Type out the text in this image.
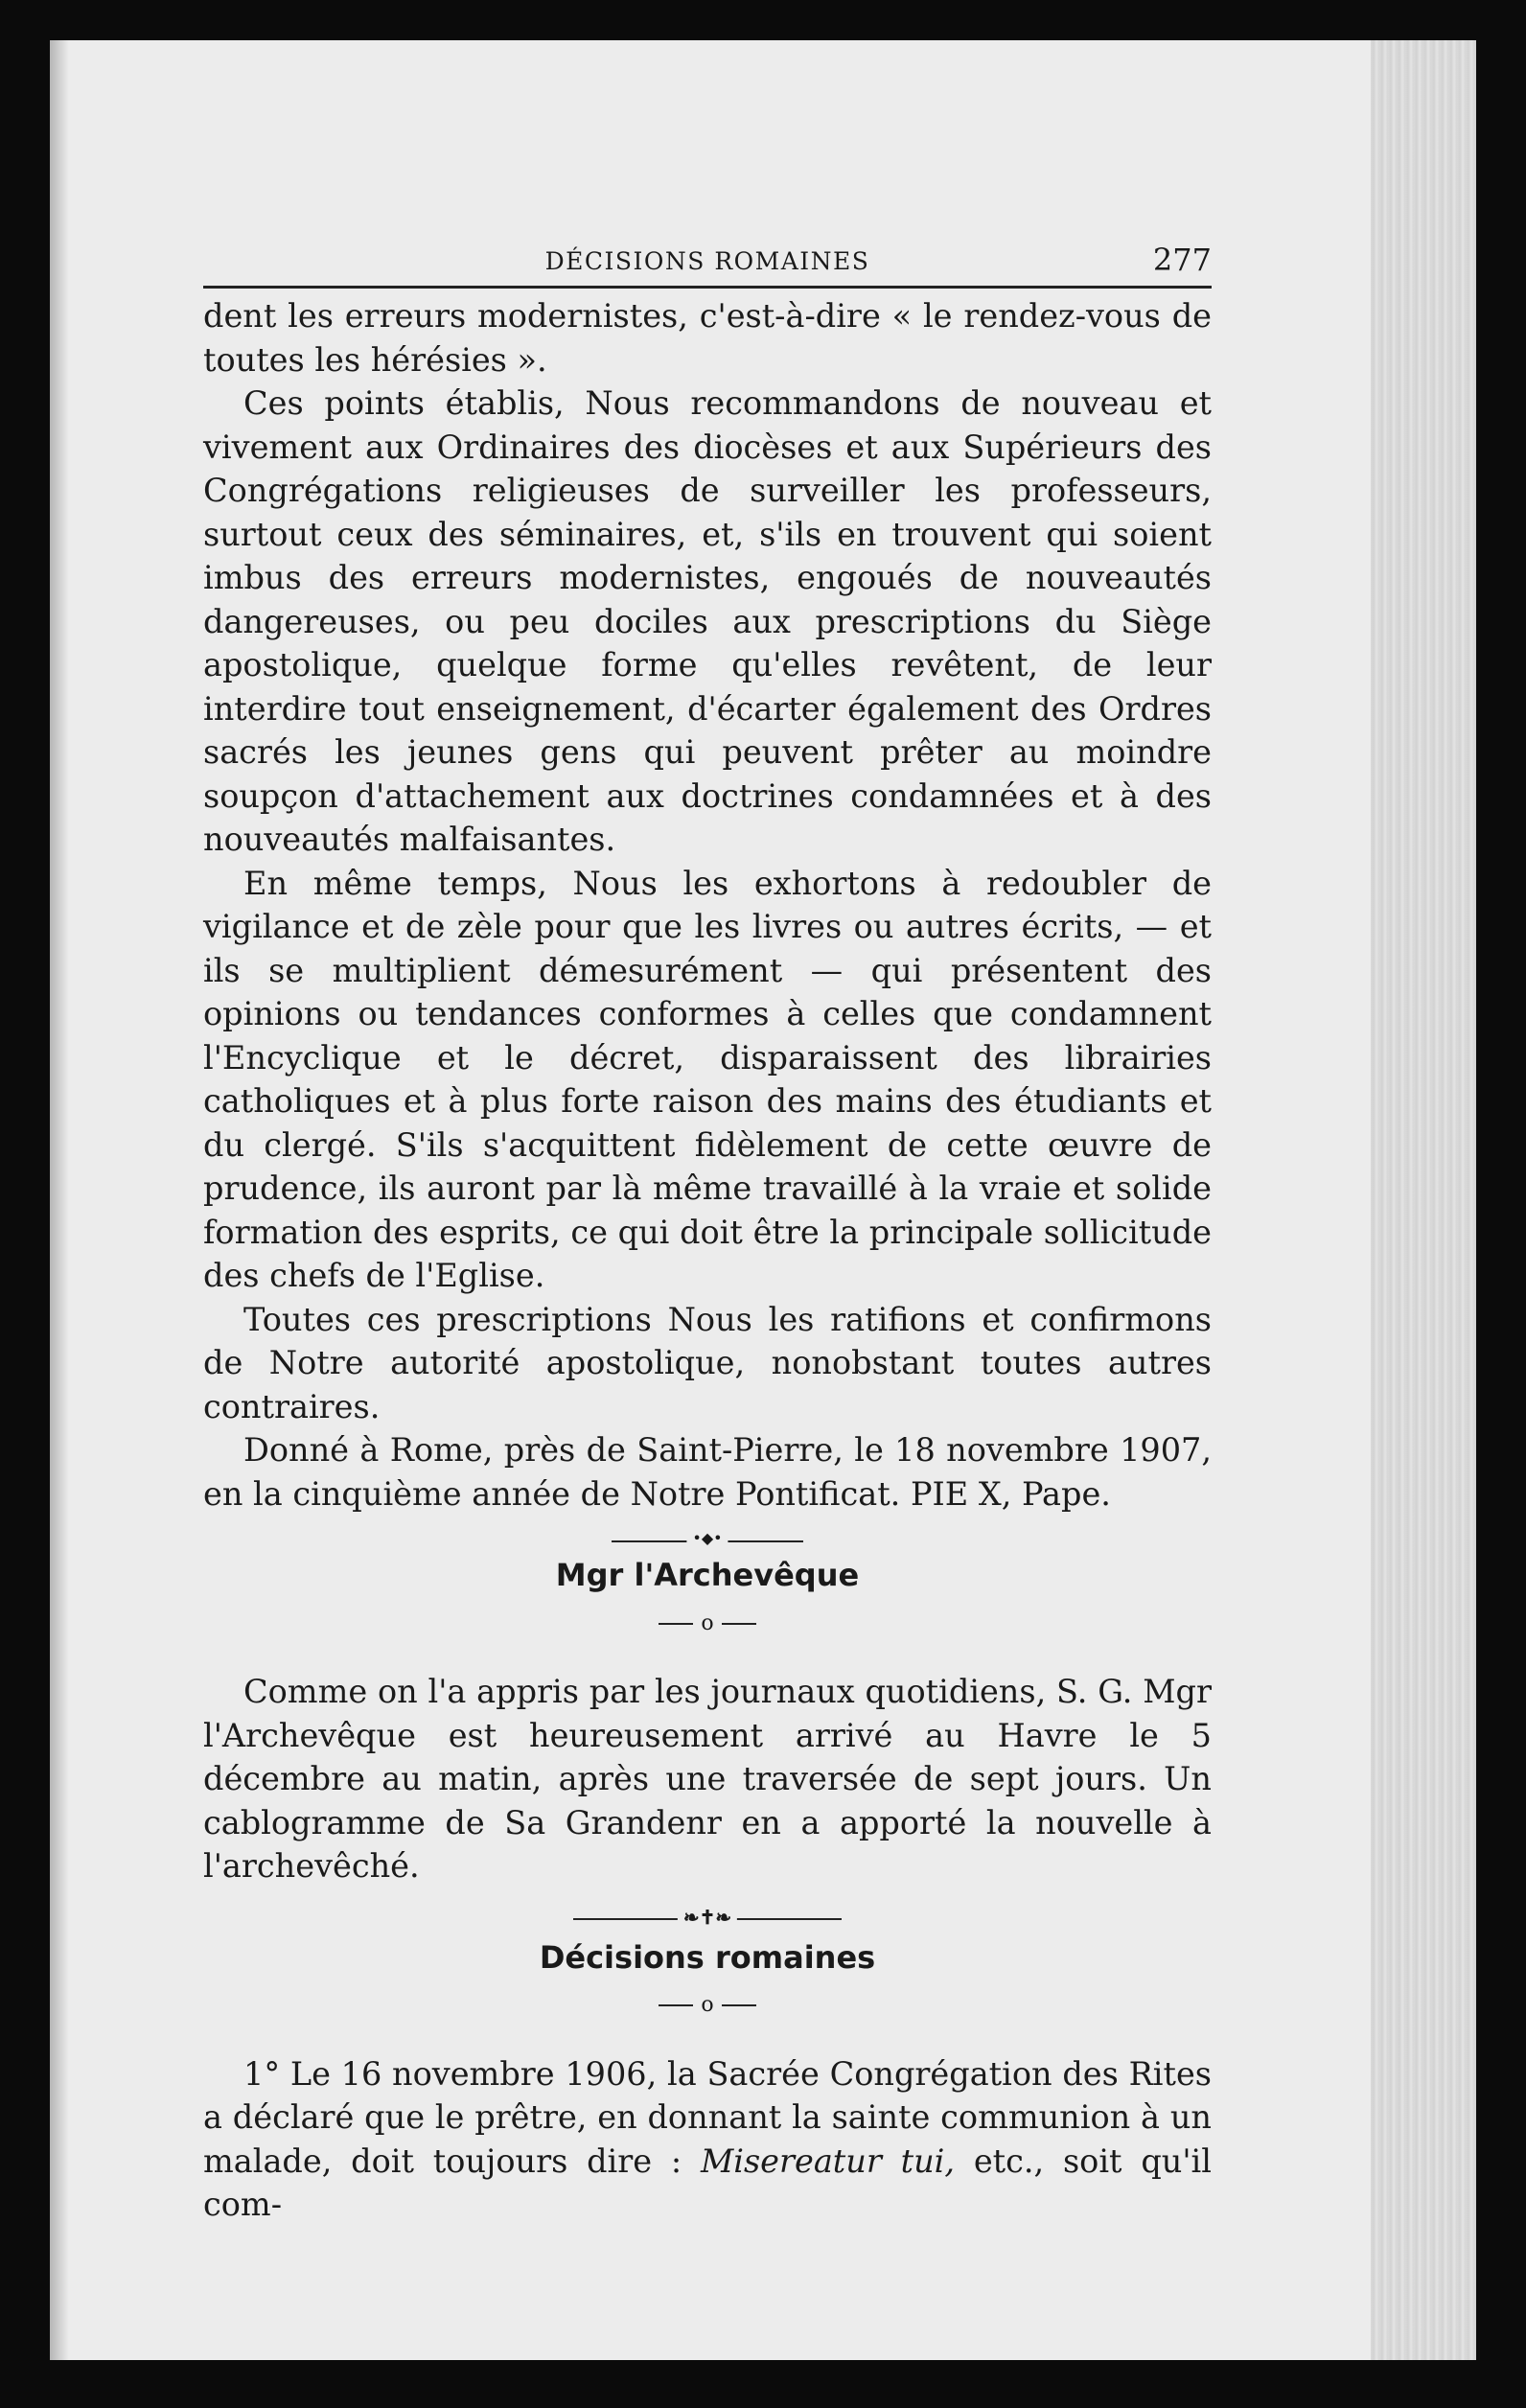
DÉCISIONS ROMAINES	277

dent les erreurs modernistes, c'est-à-dire « le rendez-vous de toutes les hérésies ».

Ces points établis, Nous recommandons de nouveau et vivement aux Ordinaires des diocèses et aux Supérieurs des Congrégations religieuses de surveiller les professeurs, surtout ceux des séminaires, et, s'ils en trouvent qui soient imbus des erreurs modernistes, engoués de nouveautés dangereuses, ou peu dociles aux prescriptions du Siège apostolique, quelque forme qu'elles revêtent, de leur interdire tout enseignement, d'écarter également des Ordres sacrés les jeunes gens qui peuvent prêter au moindre soupçon d'attachement aux doctrines condamnées et à des nouveautés malfaisantes.

En même temps, Nous les exhortons à redoubler de vigilance et de zèle pour que les livres ou autres écrits, — et ils se multiplient démesurément — qui présentent des opinions ou tendances conformes à celles que condamnent l'Encyclique et le décret, disparaissent des librairies catholiques et à plus forte raison des mains des étudiants et du clergé. S'ils s'acquittent fidèlement de cette œuvre de prudence, ils auront par là même travaillé à la vraie et solide formation des esprits, ce qui doit être la principale sollicitude des chefs de l'Eglise.

Toutes ces prescriptions Nous les ratifions et confirmons de Notre autorité apostolique, nonobstant toutes autres contraires.

Donné à Rome, près de Saint-Pierre, le 18 novembre 1907, en la cinquième année de Notre Pontificat. PIE X, Pape.

•◆•
Mgr l'Archevêque
o

Comme on l'a appris par les journaux quotidiens, S. G. Mgr l'Archevêque est heureusement arrivé au Havre le 5 décembre au matin, après une traversée de sept jours. Un cablogramme de Sa Grandenr en a apporté la nouvelle à l'archevêché.

❧✝❧
Décisions romaines
o

1° Le 16 novembre 1906, la Sacrée Congrégation des Rites a déclaré que le prêtre, en donnant la sainte communion à un malade, doit toujours dire : Misereatur tui, etc., soit qu'il com-
